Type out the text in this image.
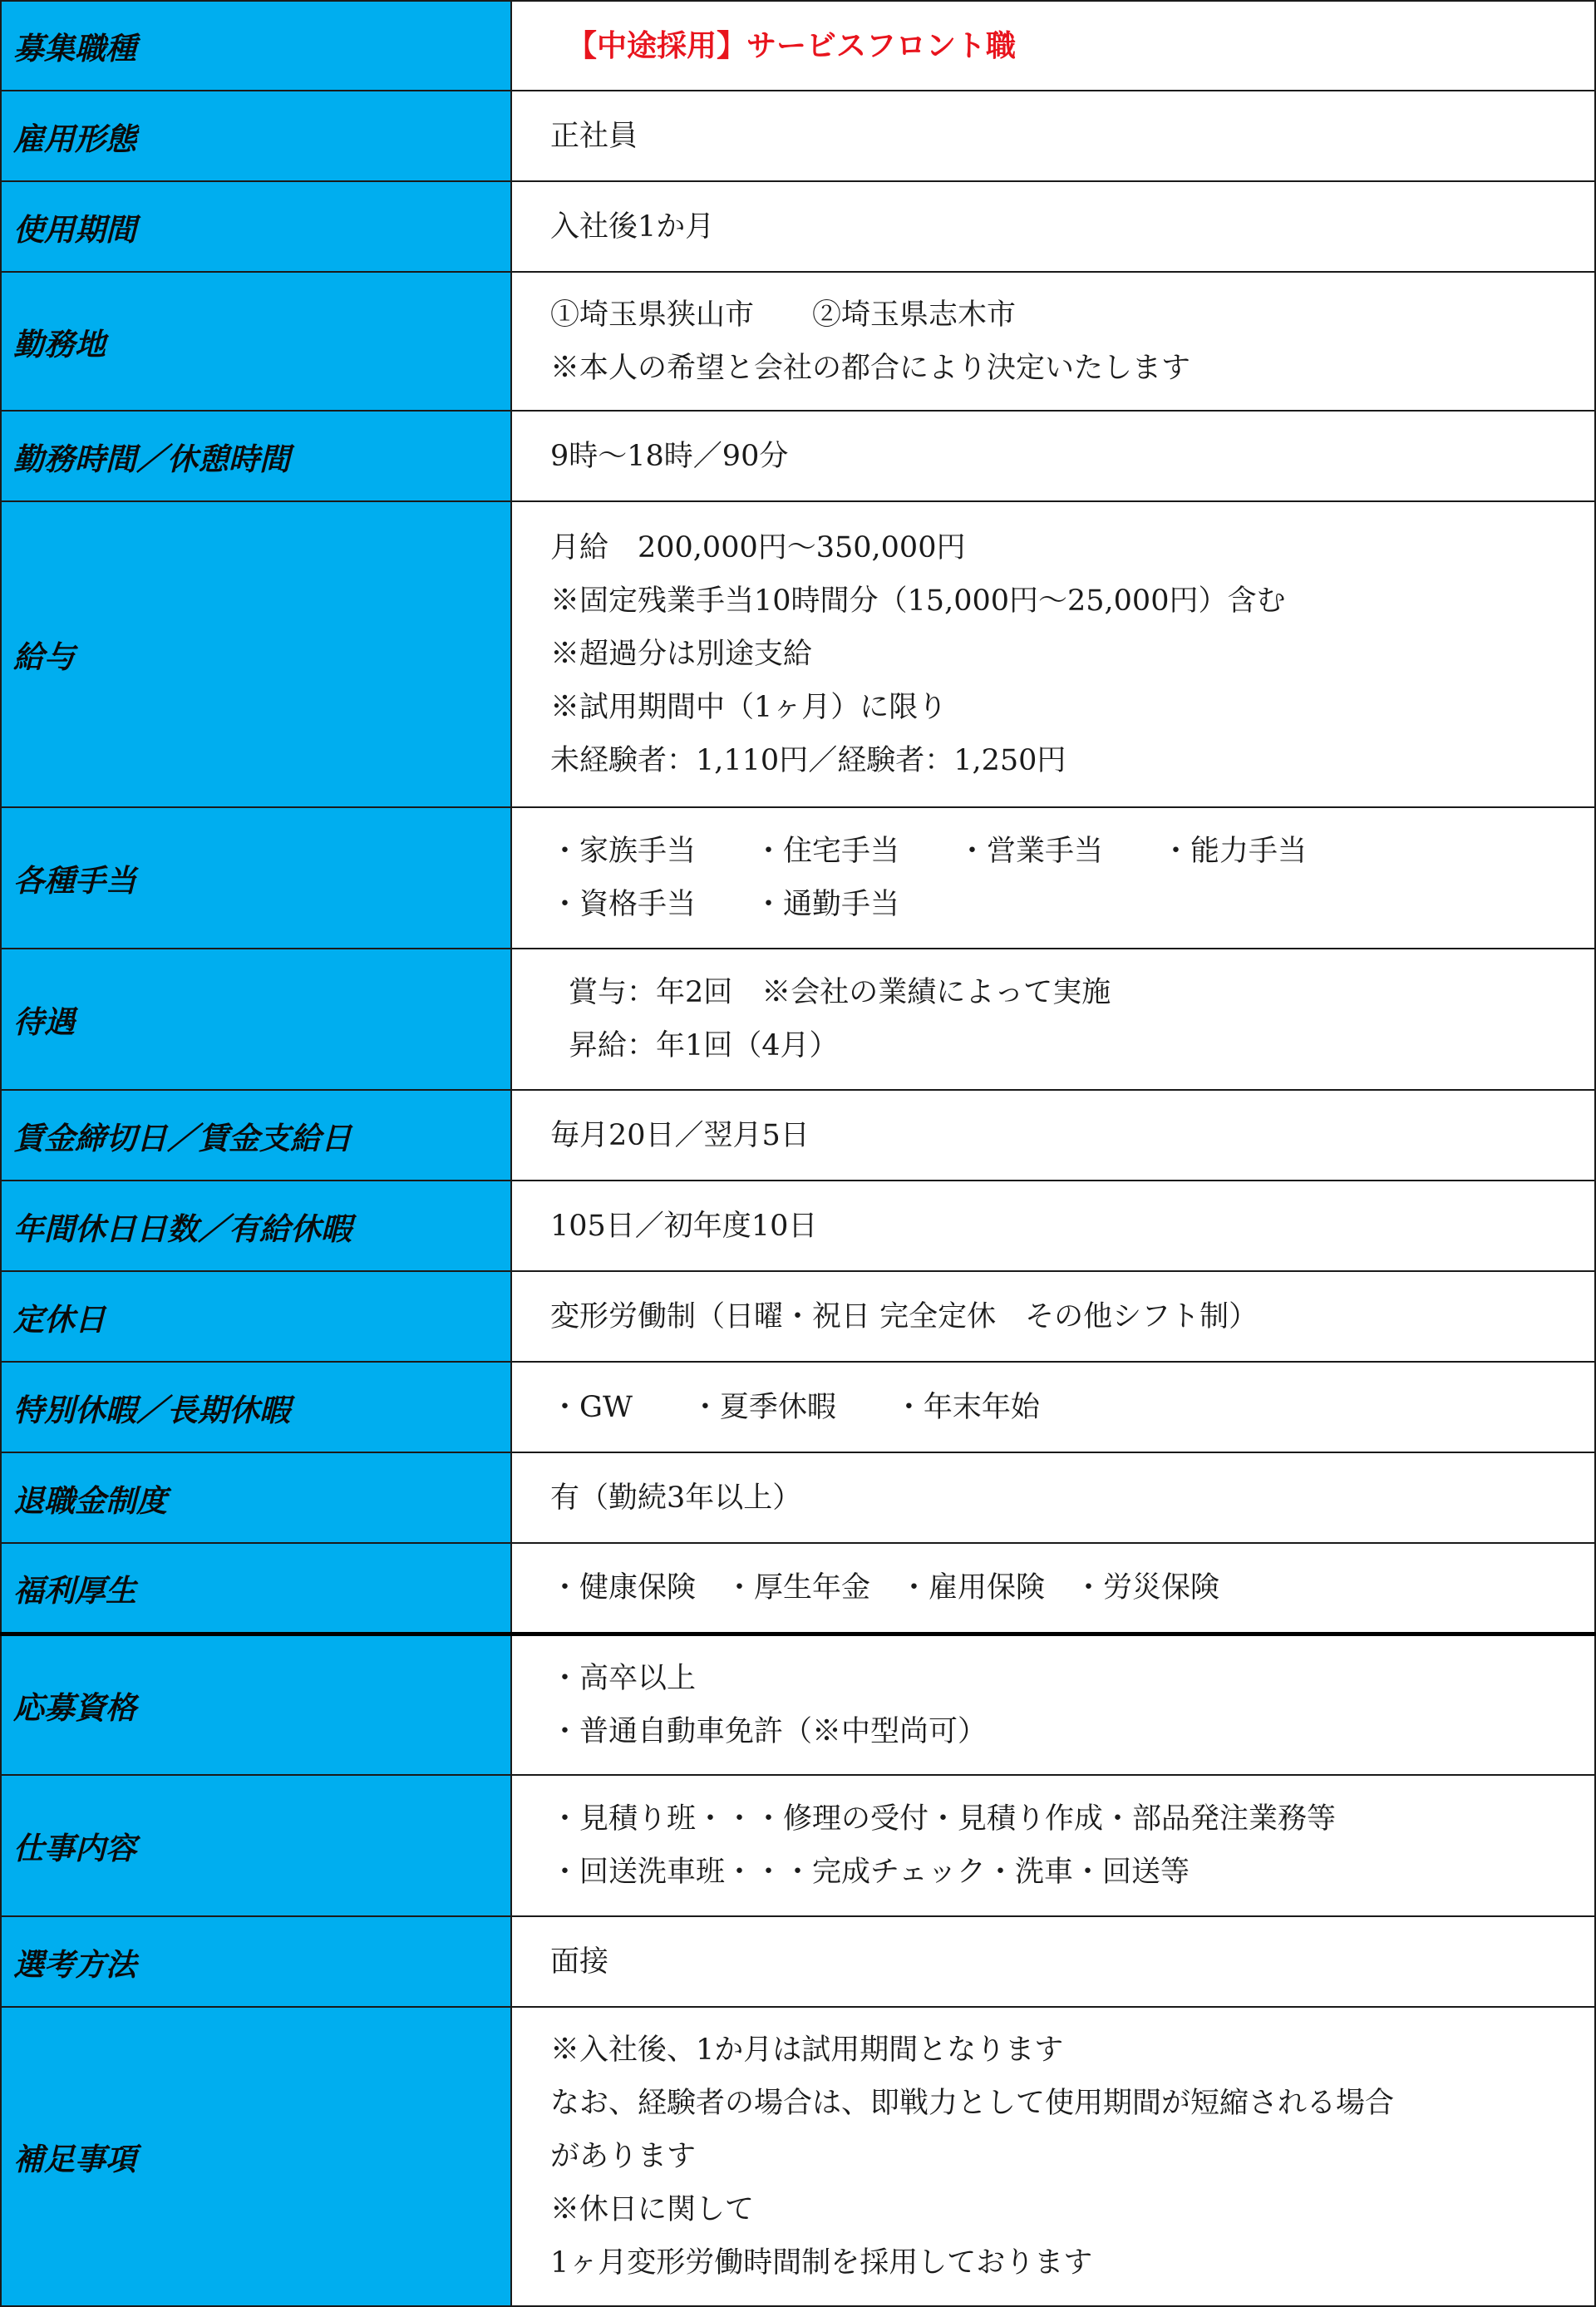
募集職種	【中途採用】サービスフロント職

雇用形態	正社員

使用期間	入社後1か月

勤務地	①埼玉県狭山市　　②埼玉県志木市
※本人の希望と会社の都合により決定いたします

勤務時間／休憩時間	9時～18時／90分

給与	月給　200,000円～350,000円
※固定残業手当10時間分（15,000円～25,000円）含む
※超過分は別途支給
※試用期間中（1ヶ月）に限り
未経験者：1,110円／経験者：1,250円

各種手当	・家族手当　　・住宅手当　　・営業手当　　・能力手当
・資格手当　　・通勤手当

待遇	賞与：年2回　※会社の業績によって実施
昇給：年1回（4月）

賃金締切日／賃金支給日	毎月20日／翌月5日

年間休日日数／有給休暇	105日／初年度10日

定休日	変形労働制（日曜・祝日 完全定休　その他シフト制）

特別休暇／長期休暇	・GW　　・夏季休暇　　・年末年始

退職金制度	有（勤続3年以上）

福利厚生	・健康保険　・厚生年金　・雇用保険　・労災保険

応募資格	・高卒以上
・普通自動車免許（※中型尚可）

仕事内容	・見積り班・・・修理の受付・見積り作成・部品発注業務等
・回送洗車班・・・完成チェック・洗車・回送等

選考方法	面接

補足事項	※入社後、1か月は試用期間となります
なお、経験者の場合は、即戦力として使用期間が短縮される場合
があります
※休日に関して
1ヶ月変形労働時間制を採用しております
